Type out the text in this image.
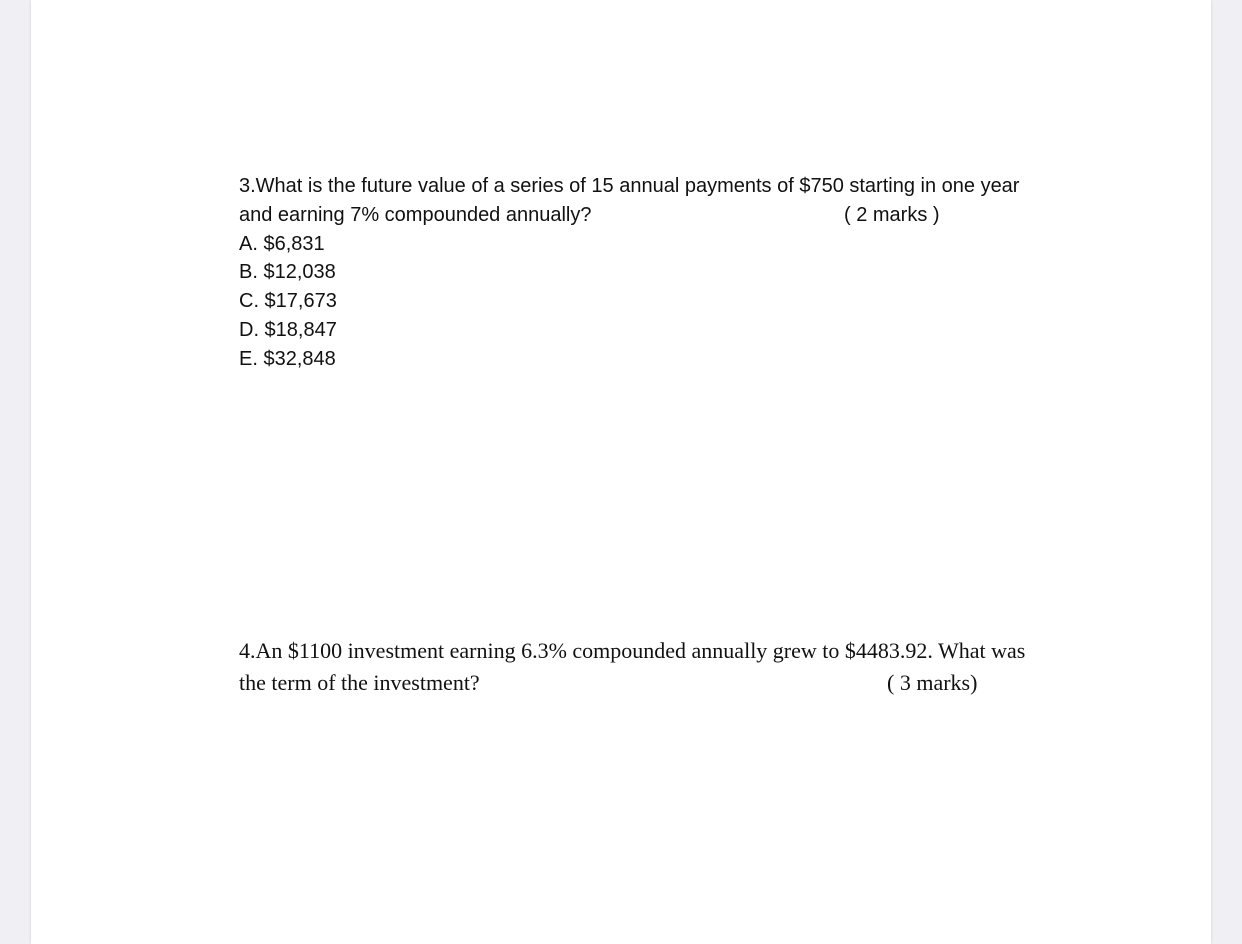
3.What is the future value of a series of 15 annual payments of $750 starting in one year
and earning 7% compounded annually?	( 2 marks )
A. $6,831
B. $12,038
C. $17,673
D. $18,847
E. $32,848
4.An $1100 investment earning 6.3% compounded annually grew to $4483.92. What was
the term of the investment?	( 3 marks)
